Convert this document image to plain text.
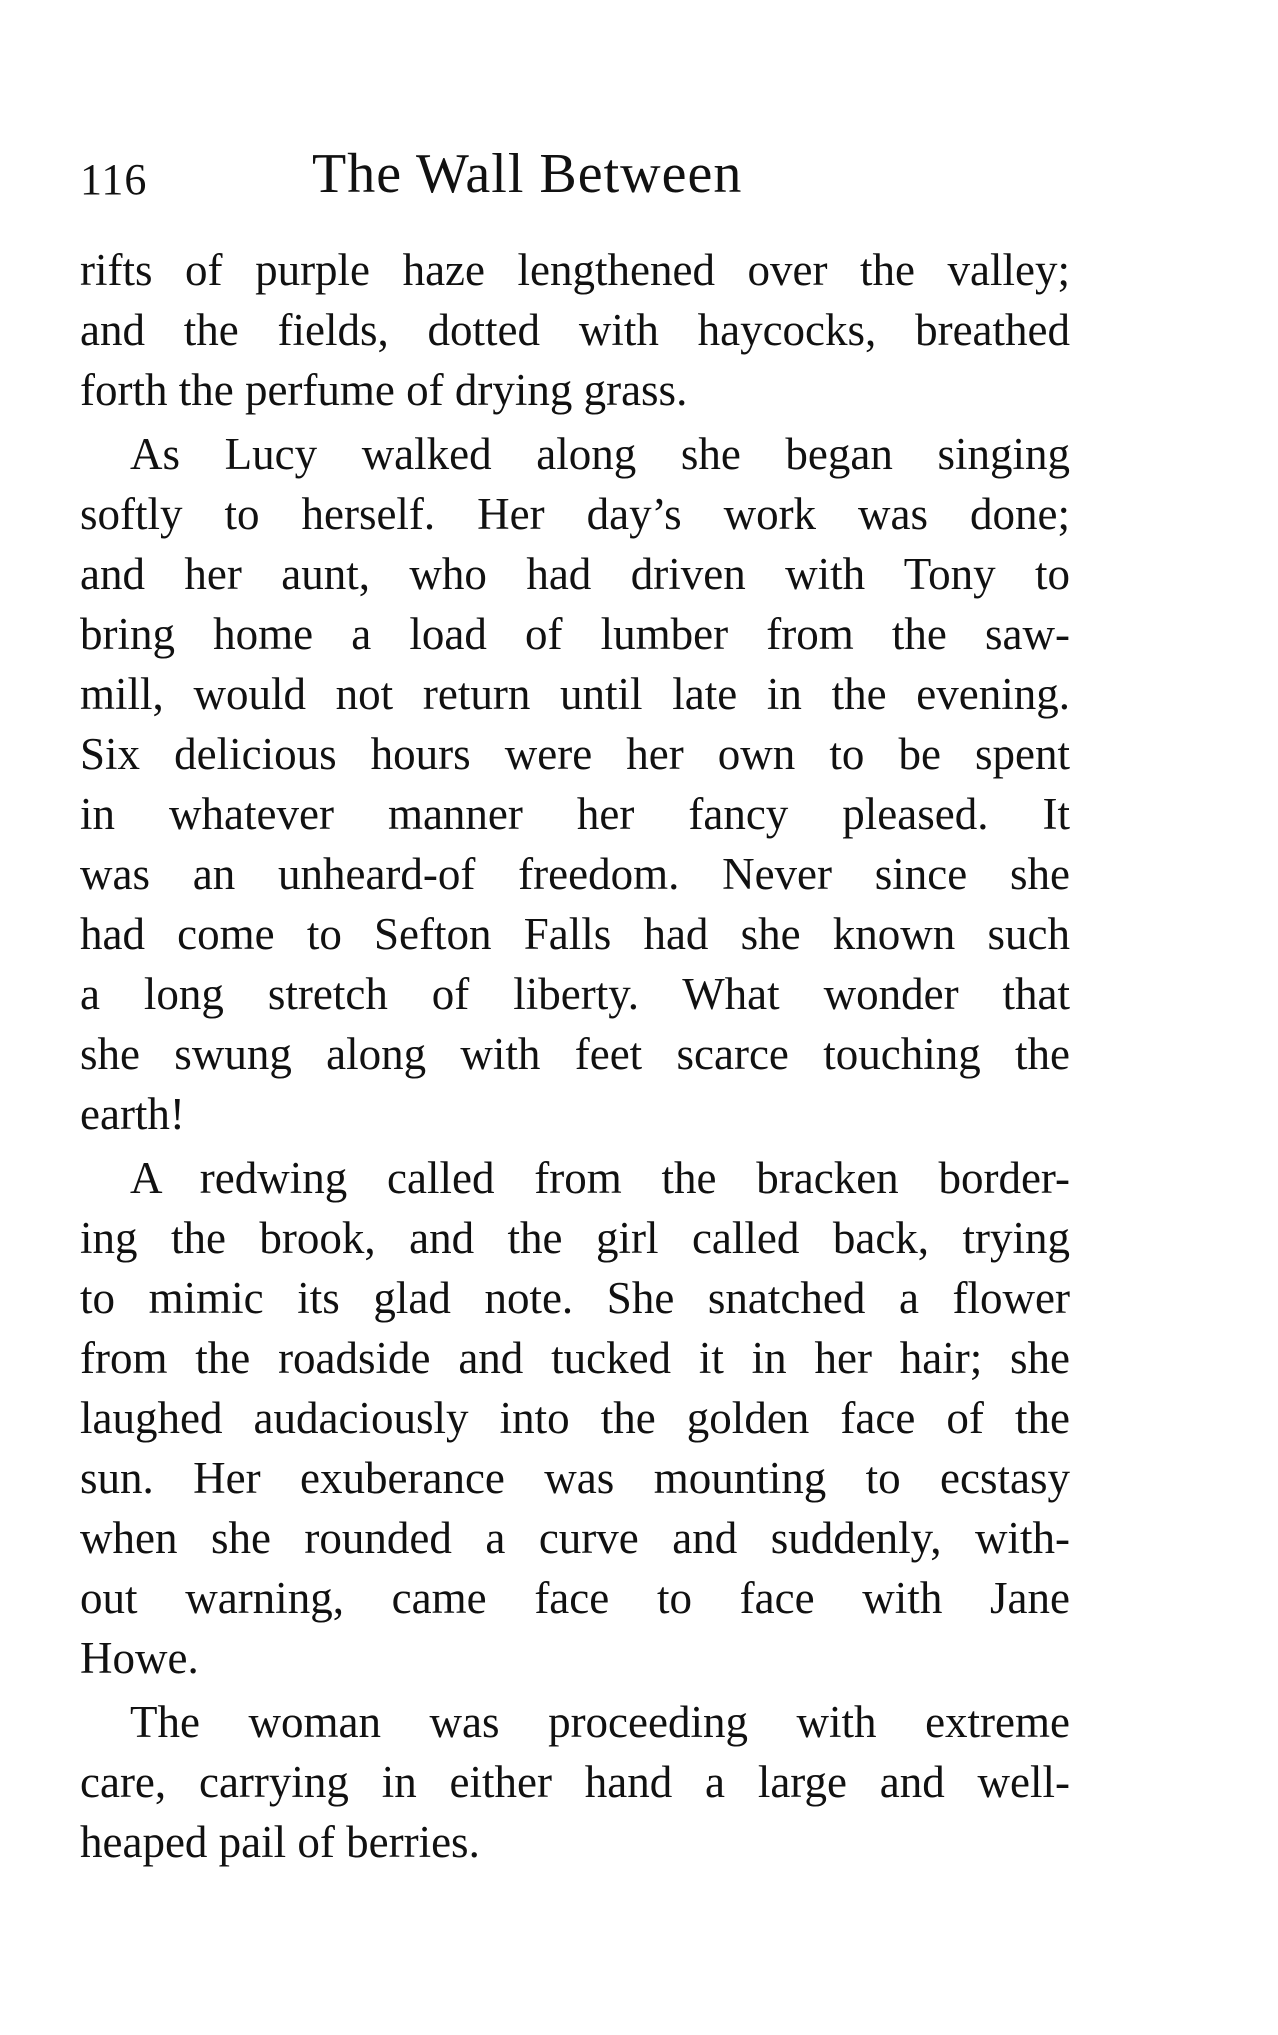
116	The Wall Between
rifts of purple haze lengthened over the valley;
and the fields, dotted with haycocks, breathed
forth the perfume of drying grass.
As Lucy walked along she began singing
softly to herself. Her day’s work was done;
and her aunt, who had driven with Tony to
bring home a load of lumber from the saw-
mill, would not return until late in the evening.
Six delicious hours were her own to be spent
in whatever manner her fancy pleased. It
was an unheard-of freedom. Never since she
had come to Sefton Falls had she known such
a long stretch of liberty. What wonder that
she swung along with feet scarce touching the
earth!
A redwing called from the bracken border-
ing the brook, and the girl called back, trying
to mimic its glad note. She snatched a flower
from the roadside and tucked it in her hair; she
laughed audaciously into the golden face of the
sun. Her exuberance was mounting to ecstasy
when she rounded a curve and suddenly, with-
out warning, came face to face with Jane
Howe.
The woman was proceeding with extreme
care, carrying in either hand a large and well-
heaped pail of berries.
